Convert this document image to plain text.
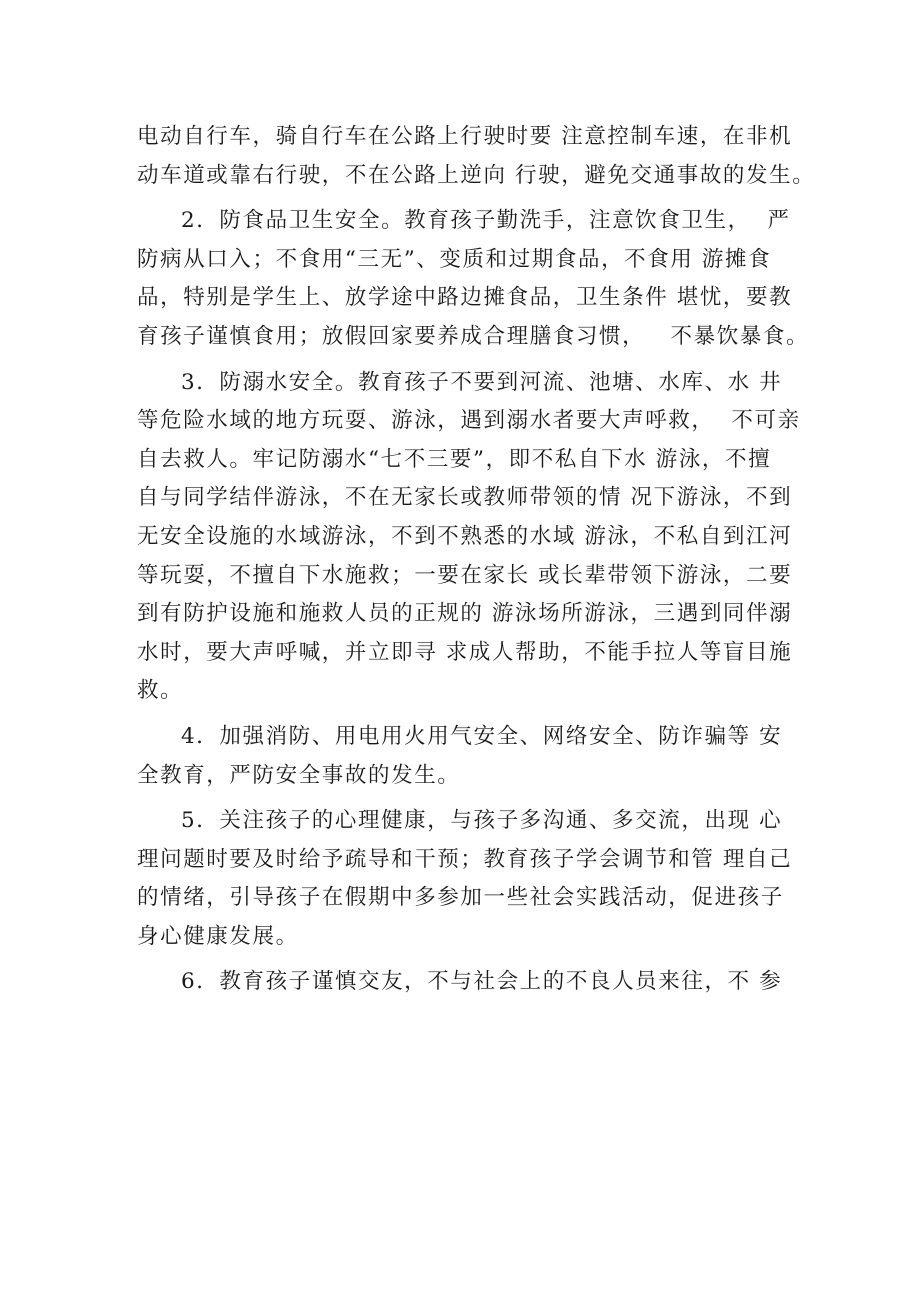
电动自行车，骑自行车在公路上行驶时要 注意控制车速，在非机
动车道或靠右行驶，不在公路上逆向 行驶，避免交通事故的发生。
2．防食品卫生安全。教育孩子勤洗手，注意饮食卫生，  严
防病从口入；不食用“三无”、变质和过期食品，不食用 游摊食
品，特别是学生上、放学途中路边摊食品，卫生条件 堪忧，要教
育孩子谨慎食用；放假回家要养成合理膳食习惯，   不暴饮暴食。
3．防溺水安全。教育孩子不要到河流、池塘、水库、水 井
等危险水域的地方玩耍、游泳，遇到溺水者要大声呼救，  不可亲
自去救人。牢记防溺水“七不三要”，即不私自下水 游泳，不擅
自与同学结伴游泳，不在无家长或教师带领的情 况下游泳，不到
无安全设施的水域游泳，不到不熟悉的水域 游泳，不私自到江河
等玩耍，不擅自下水施救；一要在家长 或长辈带领下游泳，二要
到有防护设施和施救人员的正规的 游泳场所游泳，三遇到同伴溺
水时，要大声呼喊，并立即寻 求成人帮助，不能手拉人等盲目施
救。
4．加强消防、用电用火用气安全、网络安全、防诈骗等 安
全教育，严防安全事故的发生。
5．关注孩子的心理健康，与孩子多沟通、多交流，出现 心
理问题时要及时给予疏导和干预；教育孩子学会调节和管 理自己
的情绪，引导孩子在假期中多参加一些社会实践活动，促进孩子
身心健康发展。
6．教育孩子谨慎交友，不与社会上的不良人员来往，不 参
